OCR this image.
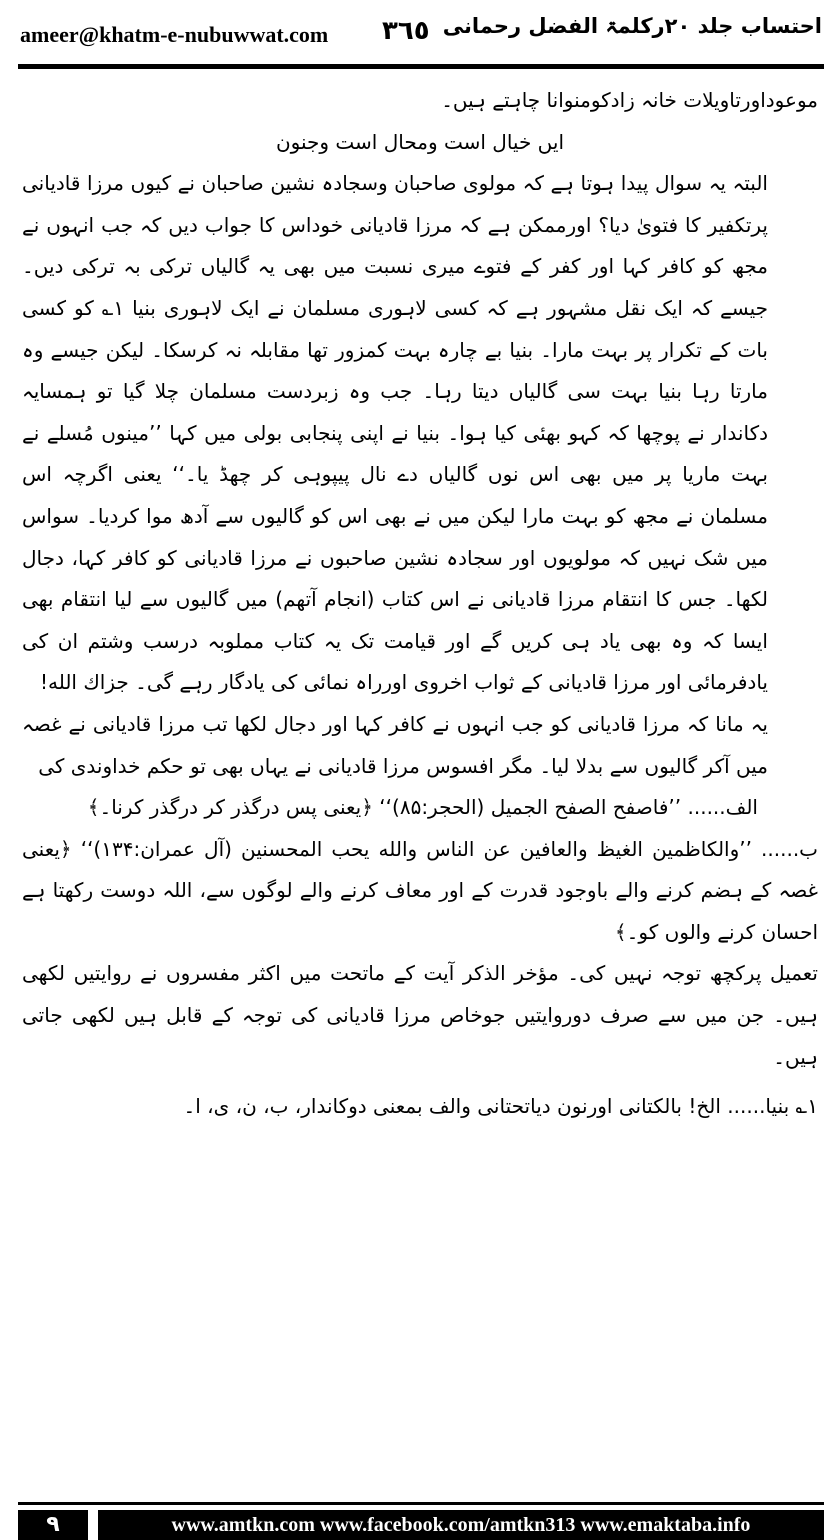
ameer@khatm-e-nubuwwat.com ٣٦٥ احتساب جلد ٢٠رکلمۃ الفضل رحمانی

موعوداورتاویلات خانہ زادکومنوانا چاہتے ہیں۔

ایں خیال است ومحال است وجنون

البتہ یہ سوال پیدا ہوتا ہے کہ مولوی صاحبان وسجادہ نشین صاحبان نے کیوں مرزا قادیانی پرتکفیر کا فتویٰ دیا؟ اورممکن ہے کہ مرزا قادیانی خوداس کا جواب دیں کہ جب انہوں نے مجھ کو کافر کہا اور کفر کے فتوے میری نسبت میں بھی یہ گالیاں ترکی بہ ترکی دیں۔ جیسے کہ ایک نقل مشہور ہے کہ کسی لاہوری مسلمان نے ایک لاہوری بنیا ۱؎ کو کسی بات کے تکرار پر بہت مارا۔ بنیا بے چارہ بہت کمزور تھا مقابلہ نہ کرسکا۔ لیکن جیسے وہ مارتا رہا بنیا بہت سی گالیاں دیتا رہا۔ جب وہ زبردست مسلمان چلا گیا تو ہمسایہ دکاندار نے پوچھا کہ کہو بھئی کیا ہوا۔ بنیا نے اپنی پنجابی بولی میں کہا ’’مینوں مُسلے نے بہت ماریا پر میں بھی اس نوں گالیاں دے نال پیپوہی کر چھڈ یا۔‘‘ یعنی اگرچہ اس مسلمان نے مجھ کو بہت مارا لیکن میں نے بھی اس کو گالیوں سے آدھ موا کردیا۔ سواس میں شک نہیں کہ مولویوں اور سجادہ نشین صاحبوں نے مرزا قادیانی کو کافر کہا، دجال لکھا۔ جس کا انتقام مرزا قادیانی نے اس کتاب (انجام آتھم) میں گالیوں سے لیا انتقام بھی ایسا کہ وہ بھی یاد ہی کریں گے اور قیامت تک یہ کتاب مملوبہ درسب وشتم ان کی یادفرمائی اور مرزا قادیانی کے ثواب اخروی اورراہ نمائی کی یادگار رہے گی۔ جزاك الله!

یہ مانا کہ مرزا قادیانی کو جب انہوں نے کافر کہا اور دجال لکھا تب مرزا قادیانی نے غصہ میں آکر گالیوں سے بدلا لیا۔ مگر افسوس مرزا قادیانی نے یہاں بھی تو حکم خداوندی کی

الف...... ’’فاصفح الصفح الجمیل (الحجر:۸۵)‘‘ ﴿یعنی پس درگذر کر درگذر کرنا۔﴾

ب...... ’’والکاظمین الغیظ والعافین عن الناس والله یحب المحسنین (آل عمران:۱۳۴)‘‘ ﴿یعنی غصہ کے ہضم کرنے والے باوجود قدرت کے اور معاف کرنے والے لوگوں سے، اللہ دوست رکھتا ہے احسان کرنے والوں کو۔﴾

تعمیل پرکچھ توجہ نہیں کی۔ مؤخر الذکر آیت کے ماتحت میں اکثر مفسروں نے روایتیں لکھی ہیں۔ جن میں سے صرف دوروایتیں جوخاص مرزا قادیانی کی توجہ کے قابل ہیں لکھی جاتی ہیں۔

۱؎ بنیا...... الخ! بالکتانی اورنون دیاتحتانی والف بمعنی دوکاندار، ب، ن، ی، ا۔

٩	www.amtkn.com www.facebook.com/amtkn313 www.emaktaba.info
